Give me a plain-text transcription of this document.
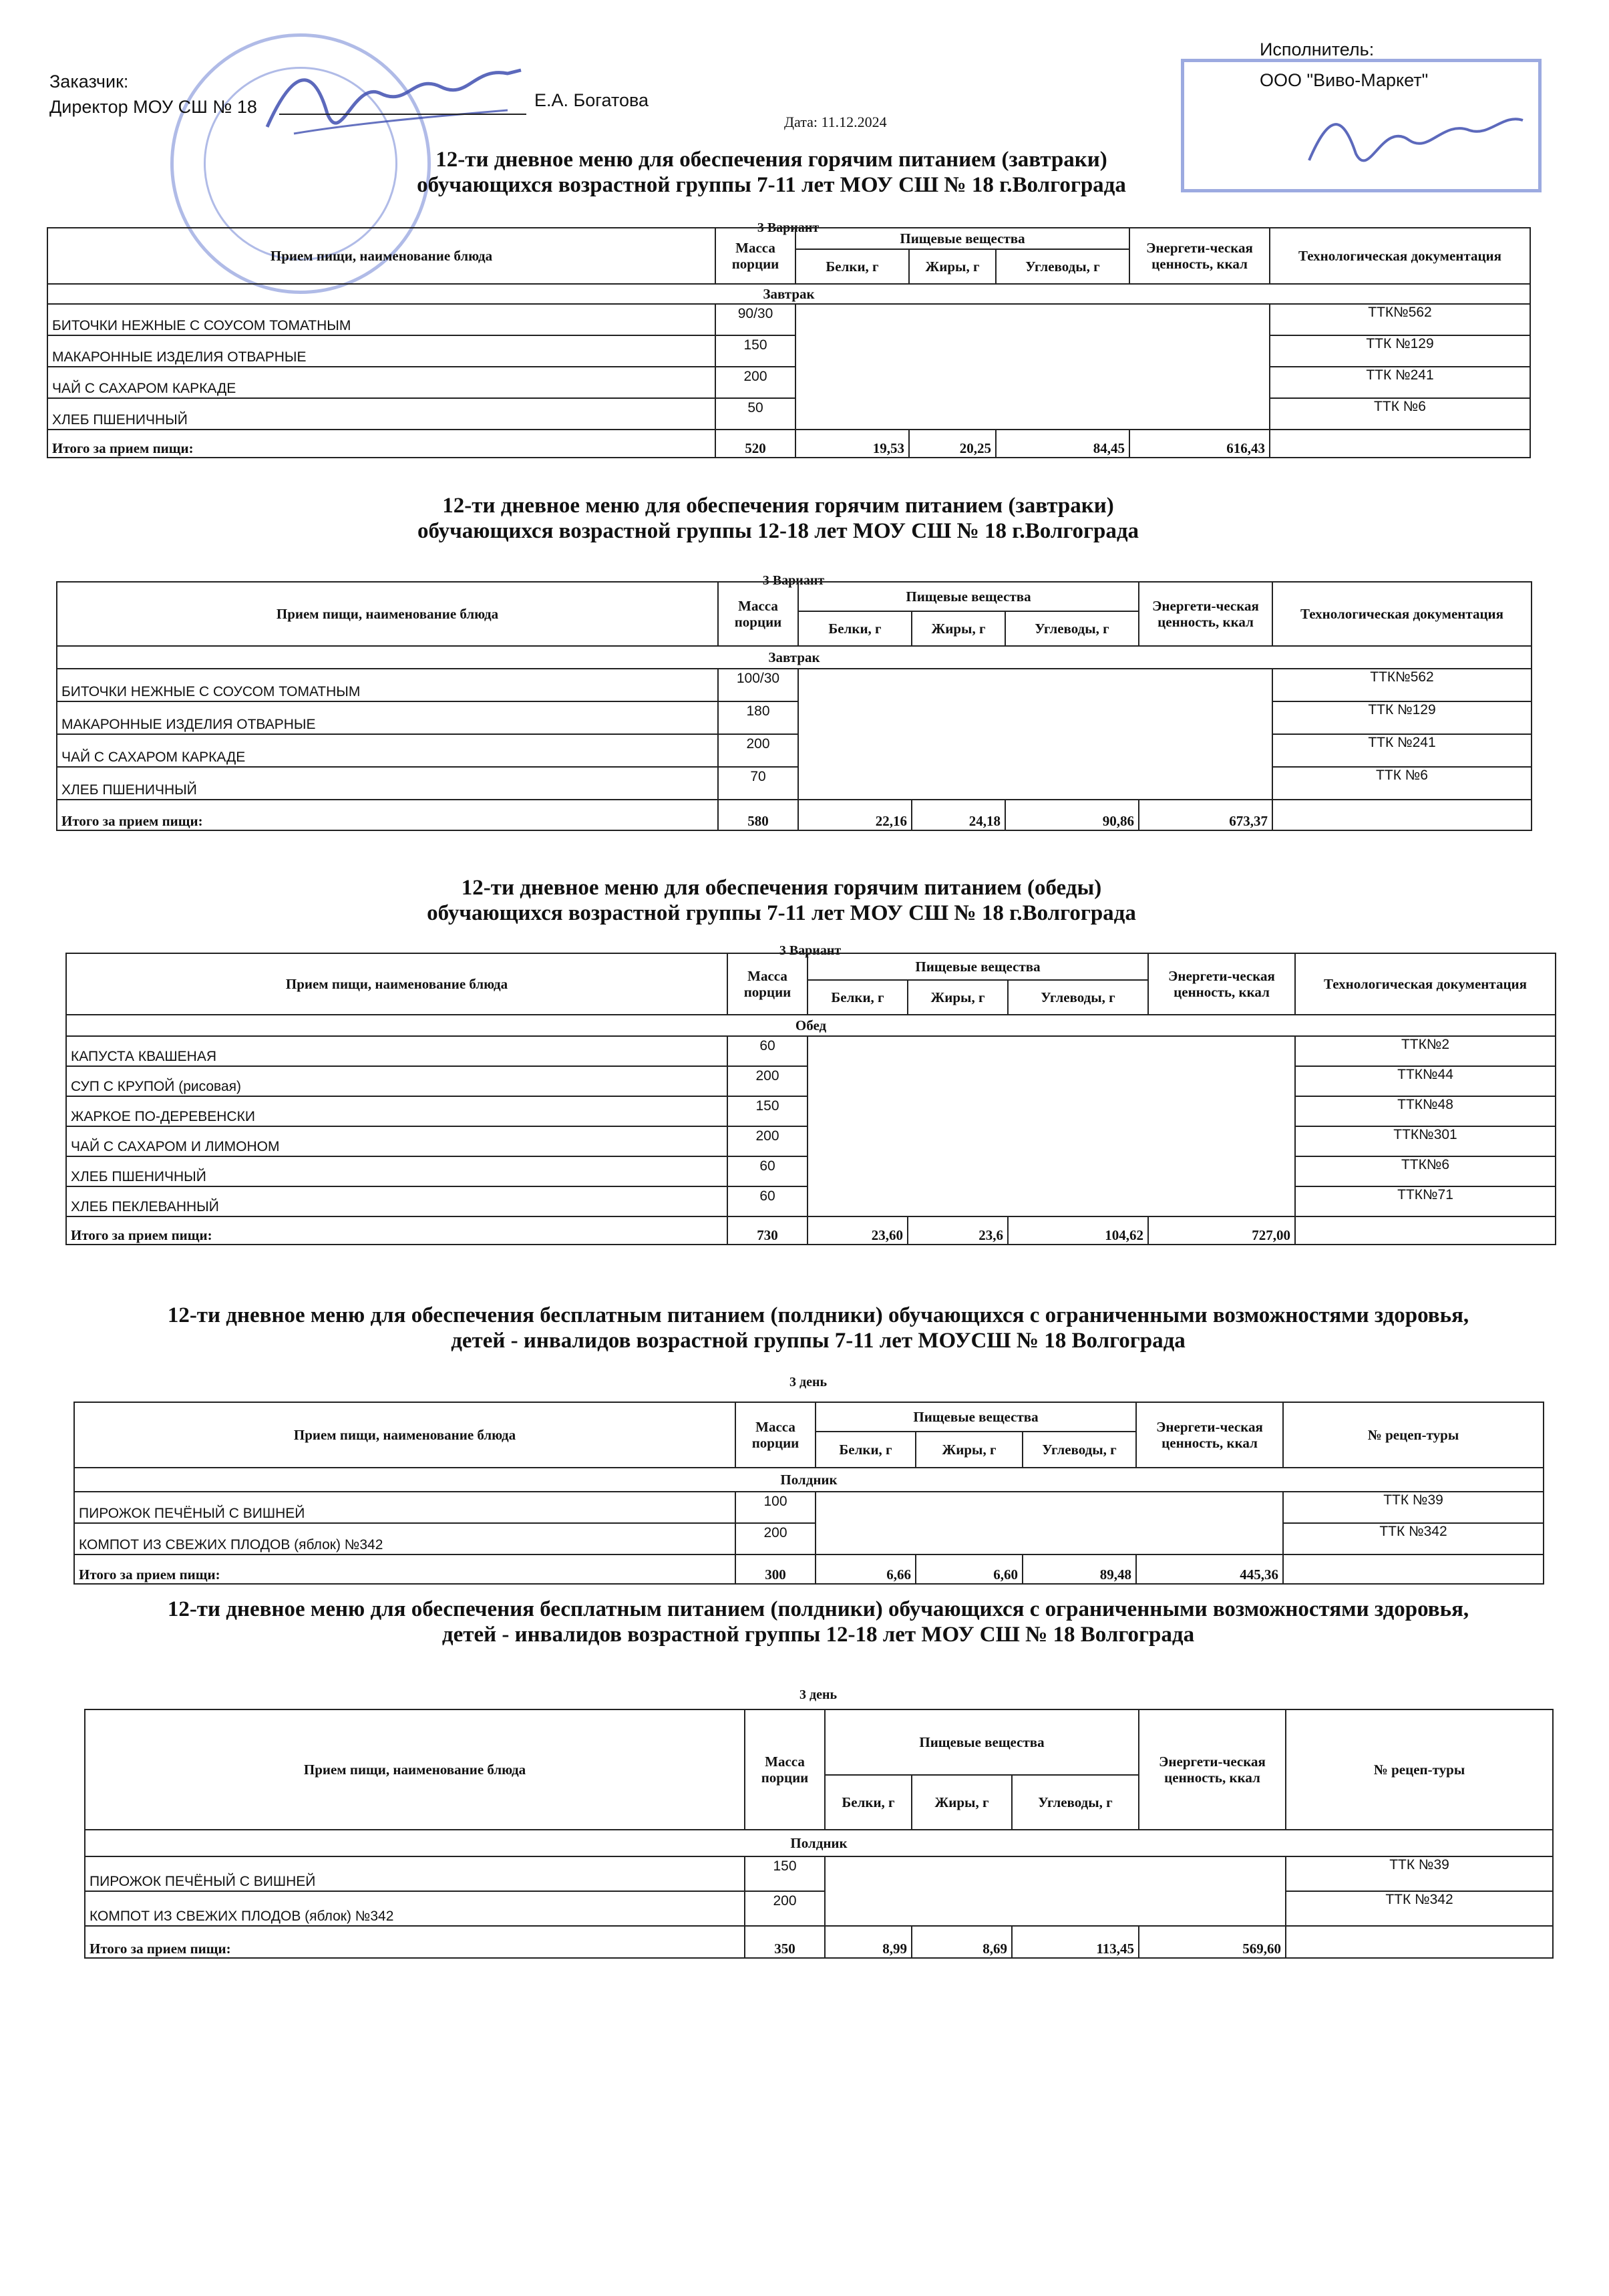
Заказчик:
Директор МОУ СШ № 18	Е.А. Богатова
Исполнитель:
ООО "Виво-Маркет"
Дата: 11.12.2024
12-ти дневное меню для обеспечения горячим питанием (завтраки)
обучающихся возрастной группы 7-11 лет МОУ СШ № 18 г.Волгограда
3 Вариант
Прием пищи, наименование блюда	Масса порции	Пищевые вещества			Энергети-ческая ценность, ккал	Технологическая документация
		Белки, г	Жиры, г	Углеводы, г		
Завтрак						
БИТОЧКИ НЕЖНЫЕ С СОУСОМ ТОМАТНЫМ	90/30					ТТК№562
МАКАРОННЫЕ ИЗДЕЛИЯ ОТВАРНЫЕ	150					ТТК №129
ЧАЙ С САХАРОМ КАРКАДЕ	200					ТТК №241
ХЛЕБ ПШЕНИЧНЫЙ	50					ТТК №6
Итого за прием пищи:	520	19,53	20,25	84,45	616,43	
12-ти дневное меню для обеспечения горячим питанием (завтраки)
обучающихся возрастной группы 12-18 лет МОУ СШ № 18 г.Волгограда
3 Вариант
Прием пищи, наименование блюда	Масса порции	Пищевые вещества			Энергети-ческая ценность, ккал	Технологическая документация
		Белки, г	Жиры, г	Углеводы, г		
Завтрак						
БИТОЧКИ НЕЖНЫЕ С СОУСОМ ТОМАТНЫМ	100/30					ТТК№562
МАКАРОННЫЕ ИЗДЕЛИЯ ОТВАРНЫЕ	180					ТТК №129
ЧАЙ С САХАРОМ КАРКАДЕ	200					ТТК №241
ХЛЕБ ПШЕНИЧНЫЙ	70					ТТК №6
Итого за прием пищи:	580	22,16	24,18	90,86	673,37	
12-ти дневное меню для обеспечения горячим питанием (обеды)
обучающихся возрастной группы 7-11 лет МОУ СШ № 18 г.Волгограда
3 Вариант
Прием пищи, наименование блюда	Масса порции	Пищевые вещества			Энергети-ческая ценность, ккал	Технологическая документация
		Белки, г	Жиры, г	Углеводы, г		
Обед						
КАПУСТА КВАШЕНАЯ	60					ТТК№2
СУП С КРУПОЙ (рисовая)	200					ТТК№44
ЖАРКОЕ ПО-ДЕРЕВЕНСКИ	150					ТТК№48
ЧАЙ С САХАРОМ И ЛИМОНОМ	200					ТТК№301
ХЛЕБ ПШЕНИЧНЫЙ	60					ТТК№6
ХЛЕБ ПЕКЛЕВАННЫЙ	60					ТТК№71
Итого за прием пищи:	730	23,60	23,6	104,62	727,00	
12-ти дневное меню для обеспечения бесплатным питанием (полдники) обучающихся с ограниченными возможностями здоровья,
детей - инвалидов возрастной группы 7-11 лет МОУСШ № 18 Волгограда
3 день
Прием пищи, наименование блюда	Масса порции	Пищевые вещества			Энергети-ческая ценность, ккал	№ рецеп-туры
		Белки, г	Жиры, г	Углеводы, г		
Полдник						
ПИРОЖОК ПЕЧЁНЫЙ С ВИШНЕЙ	100					ТТК №39
КОМПОТ ИЗ СВЕЖИХ ПЛОДОВ (яблок) №342	200					ТТК №342
Итого за прием пищи:	300	6,66	6,60	89,48	445,36	
12-ти дневное меню для обеспечения бесплатным питанием (полдники) обучающихся с ограниченными возможностями здоровья,
детей - инвалидов возрастной группы 12-18 лет МОУ СШ № 18 Волгограда
3 день
Прием пищи, наименование блюда	Масса порции	Пищевые вещества			Энергети-ческая ценность, ккал	№ рецеп-туры
		Белки, г	Жиры, г	Углеводы, г		
Полдник						
ПИРОЖОК ПЕЧЁНЫЙ С ВИШНЕЙ	150					ТТК №39
КОМПОТ ИЗ СВЕЖИХ ПЛОДОВ (яблок) №342	200					ТТК №342
Итого за прием пищи:	350	8,99	8,69	113,45	569,60	
